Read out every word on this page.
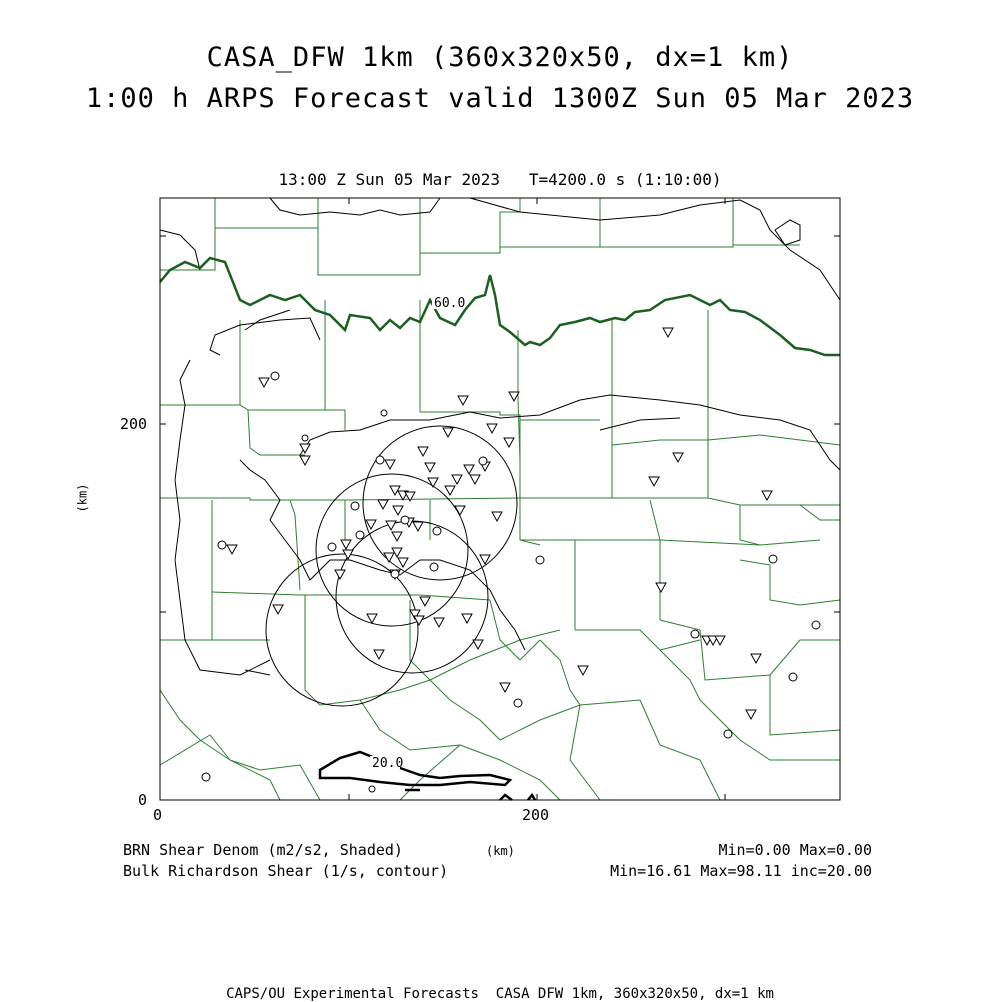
CASA_DFW 1km (360x320x50, dx=1 km)
1:00 h ARPS Forecast valid 1300Z Sun 05 Mar 2023
13:00 Z Sun 05 Mar 2023   T=4200.0 s (1:10:00)
60.0
20.0
0	200
0
200
(km)
(km)
BRN Shear Denom (m2/s2, Shaded)	Min=0.00 Max=0.00
Bulk Richardson Shear (1/s, contour)	Min=16.61 Max=98.11 inc=20.00
CAPS/OU Experimental Forecasts  CASA DFW 1km, 360x320x50, dx=1 km
